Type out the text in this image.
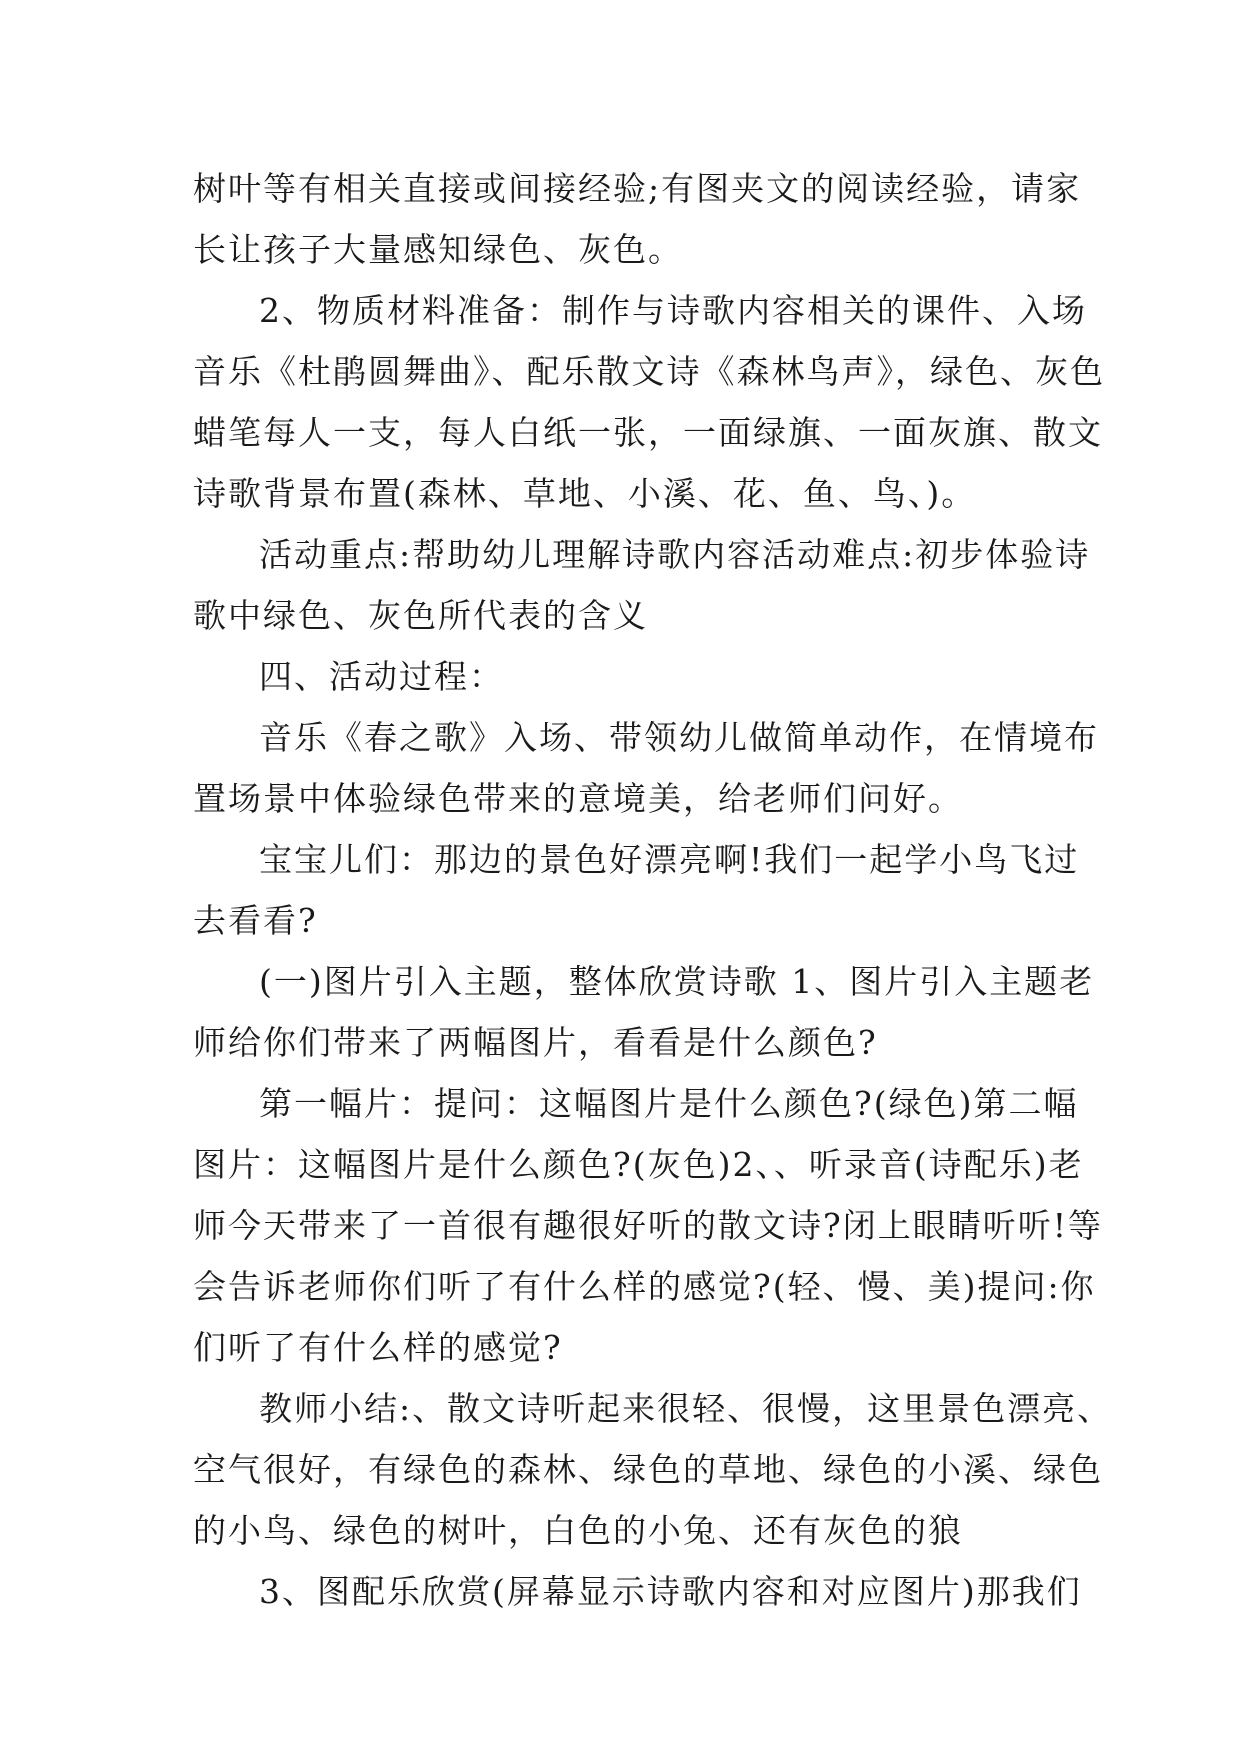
树叶等有相关直接或间接经验;有图夹文的阅读经验，请家
长让孩子大量感知绿色、灰色。
2、物质材料准备：制作与诗歌内容相关的课件、入场
音乐《杜鹃圆舞曲》、配乐散文诗《森林鸟声》，绿色、灰色
蜡笔每人一支，每人白纸一张，一面绿旗、一面灰旗、散文
诗歌背景布置(森林、草地、小溪、花、鱼、鸟、)。
活动重点:帮助幼儿理解诗歌内容活动难点:初步体验诗
歌中绿色、灰色所代表的含义
四、活动过程：
音乐《春之歌》入场、带领幼儿做简单动作，在情境布
置场景中体验绿色带来的意境美，给老师们问好。
宝宝儿们：那边的景色好漂亮啊!我们一起学小鸟飞过
去看看?
(一)图片引入主题，整体欣赏诗歌 1、图片引入主题老
师给你们带来了两幅图片，看看是什么颜色?
第一幅片：提问：这幅图片是什么颜色?(绿色)第二幅
图片：这幅图片是什么颜色?(灰色)2、、听录音(诗配乐)老
师今天带来了一首很有趣很好听的散文诗?闭上眼睛听听!等
会告诉老师你们听了有什么样的感觉?(轻、慢、美)提问:你
们听了有什么样的感觉?
教师小结:、散文诗听起来很轻、很慢，这里景色漂亮、
空气很好，有绿色的森林、绿色的草地、绿色的小溪、绿色
的小鸟、绿色的树叶，白色的小兔、还有灰色的狼
3、图配乐欣赏(屏幕显示诗歌内容和对应图片)那我们
